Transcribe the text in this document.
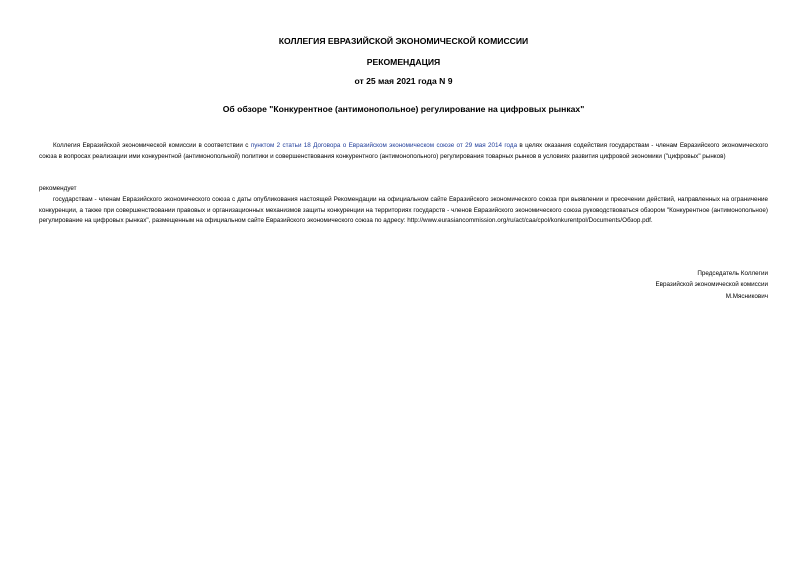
КОЛЛЕГИЯ ЕВРАЗИЙСКОЙ ЭКОНОМИЧЕСКОЙ КОМИССИИ
РЕКОМЕНДАЦИЯ
от 25 мая 2021 года N 9
Об обзоре "Конкурентное (антимонопольное) регулирование на цифровых рынках"

Коллегия Евразийской экономической комиссии в соответствии с пунктом 2 статьи 18 Договора о Евразийском экономическом союзе от 29 мая 2014 года в целях оказания содействия государствам - членам Евразийского экономического союза в вопросах реализации ими конкурентной (антимонопольной) политики и совершенствования конкурентного (антимонопольного) регулирования товарных рынков в условиях развития цифровой экономики ("цифровых" рынков)

рекомендует

государствам - членам Евразийского экономического союза с даты опубликования настоящей Рекомендации на официальном сайте Евразийского экономического союза при выявлении и пресечении действий, направленных на ограничение конкуренции, а также при совершенствовании правовых и организационных механизмов защиты конкуренции на территориях государств - членов Евразийского экономического союза руководствоваться обзором "Конкурентное (антимонопольное) регулирование на цифровых рынках", размещенным на официальном сайте Евразийского экономического союза по адресу: http://www.eurasiancommission.org/ru/act/caa/cpol/konkurentpol/Documents/Обзор.pdf.

Председатель Коллегии
Евразийской экономической комиссии
М.Мясникович
